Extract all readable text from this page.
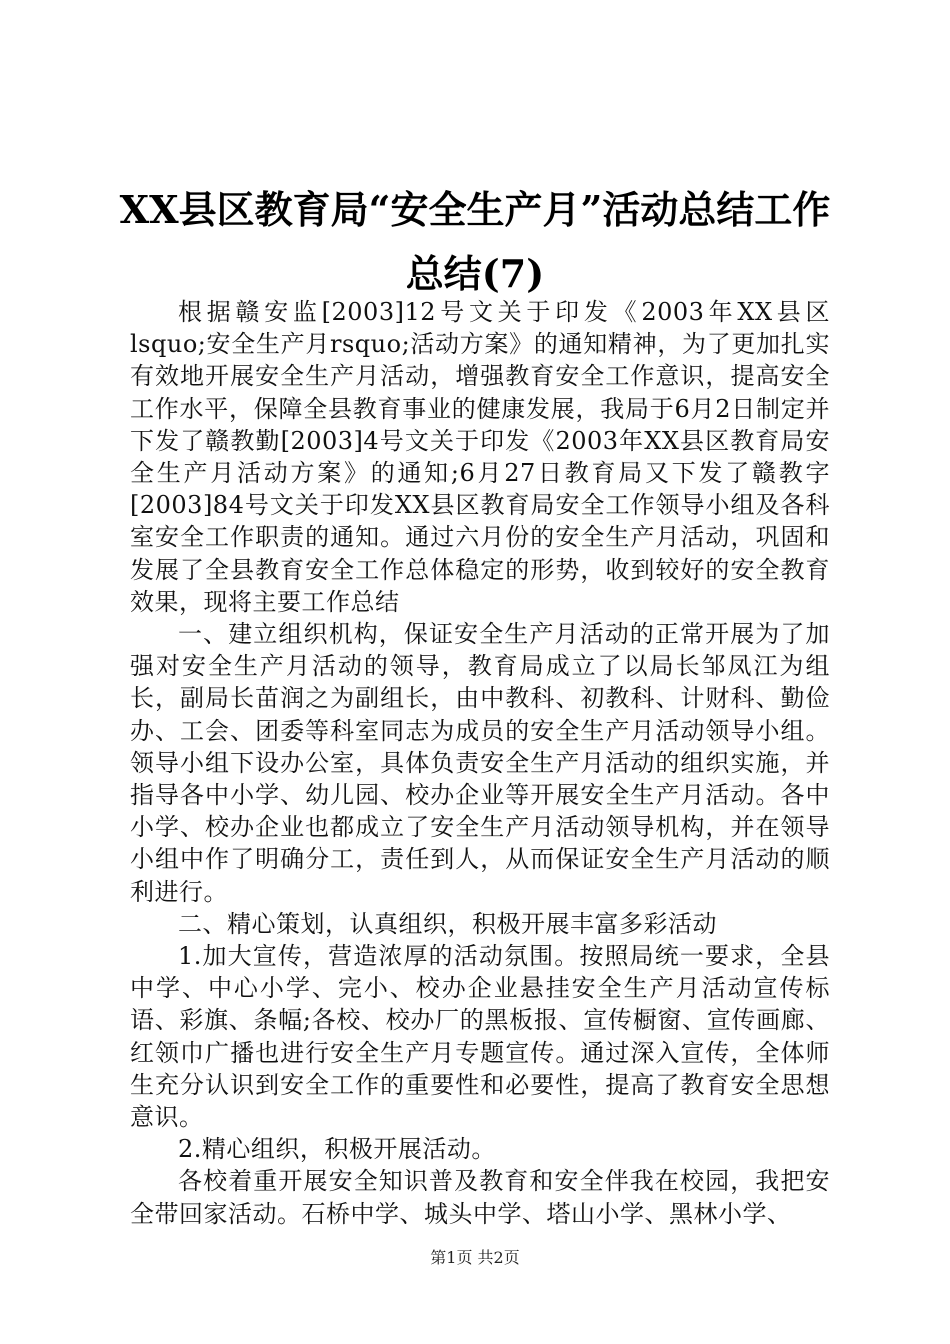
XX县区教育局“安全生产月”活动总结工作
总结(7)

根据赣安监[2003]12号文关于印发《2003年XX县区lsquo;安全生产月rsquo;活动方案》的通知精神，为了更加扎实有效地开展安全生产月活动，增强教育安全工作意识，提高安全工作水平，保障全县教育事业的健康发展，我局于6月2日制定并下发了赣教勤[2003]4号文关于印发《2003年XX县区教育局安全生产月活动方案》的通知;6月27日教育局又下发了赣教字[2003]84号文关于印发XX县区教育局安全工作领导小组及各科室安全工作职责的通知。通过六月份的安全生产月活动，巩固和发展了全县教育安全工作总体稳定的形势，收到较好的安全教育效果，现将主要工作总结

一、建立组织机构，保证安全生产月活动的正常开展为了加强对安全生产月活动的领导，教育局成立了以局长邹凤江为组长，副局长苗润之为副组长，由中教科、初教科、计财科、勤俭办、工会、团委等科室同志为成员的安全生产月活动领导小组。领导小组下设办公室，具体负责安全生产月活动的组织实施，并指导各中小学、幼儿园、校办企业等开展安全生产月活动。各中小学、校办企业也都成立了安全生产月活动领导机构，并在领导小组中作了明确分工，责任到人，从而保证安全生产月活动的顺利进行。

二、精心策划，认真组织，积极开展丰富多彩活动

1.加大宣传，营造浓厚的活动氛围。按照局统一要求，全县中学、中心小学、完小、校办企业悬挂安全生产月活动宣传标语、彩旗、条幅;各校、校办厂的黑板报、宣传橱窗、宣传画廊、红领巾广播也进行安全生产月专题宣传。通过深入宣传，全体师生充分认识到安全工作的重要性和必要性，提高了教育安全思想意识。

2.精心组织，积极开展活动。

各校着重开展安全知识普及教育和安全伴我在校园，我把安全带回家活动。石桥中学、城头中学、塔山小学、黑林小学、

第1页 共2页
